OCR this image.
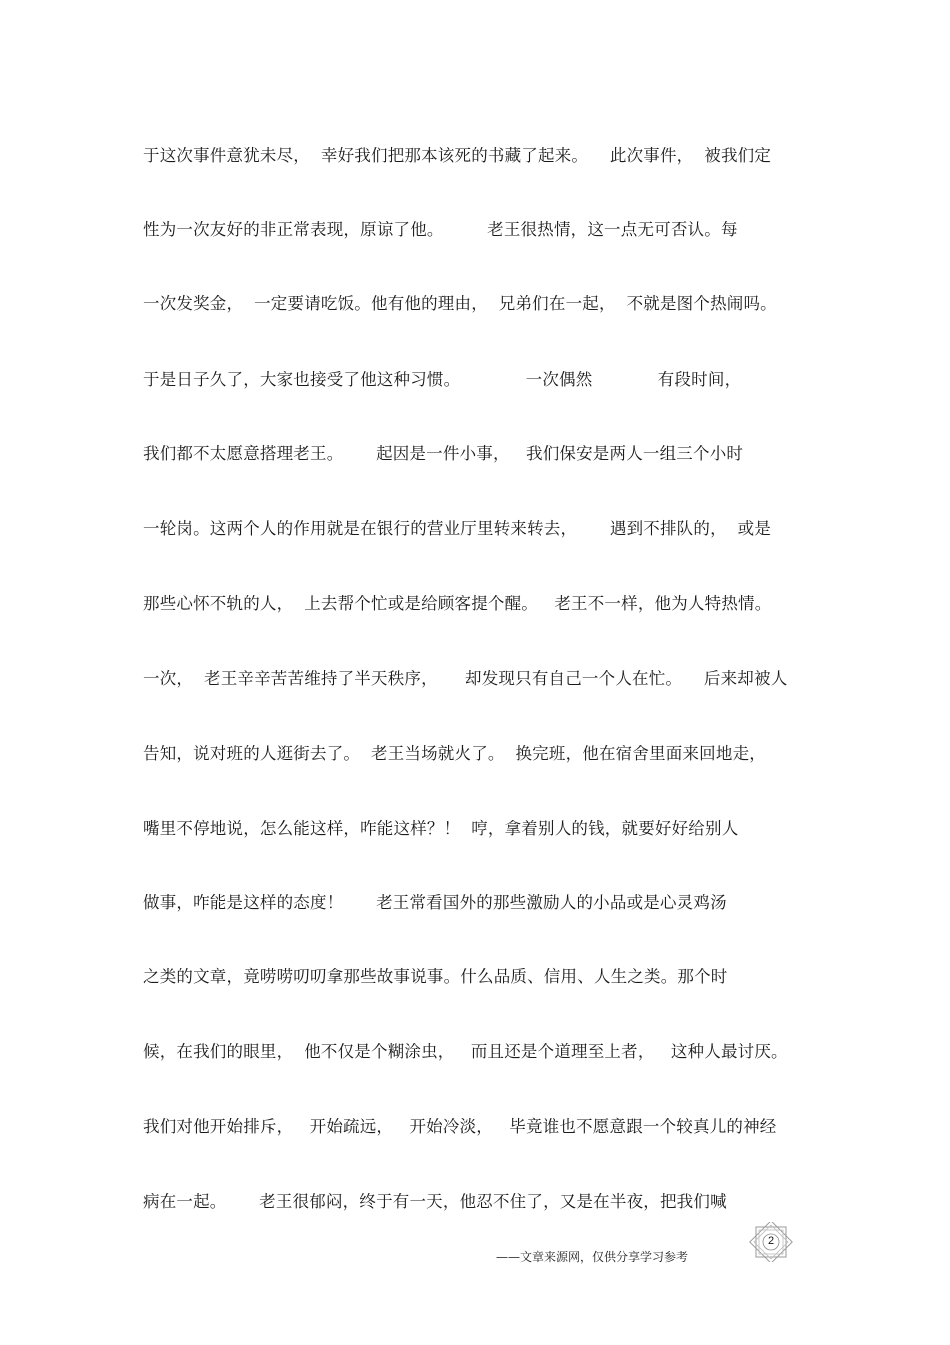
于这次事件意犹未尽，  幸好我们把那本该死的书藏了起来。    此次事件，  被我们定
性为一次友好的非正常表现，原谅了他。        老王很热情，这一点无可否认。每
一次发奖金，  一定要请吃饭。他有他的理由，  兄弟们在一起，  不就是图个热闹吗。
于是日子久了，大家也接受了他这种习惯。            一次偶然            有段时间，
我们都不太愿意搭理老王。      起因是一件小事，   我们保安是两人一组三个小时
一轮岗。这两个人的作用就是在银行的营业厅里转来转去，      遇到不排队的，  或是
那些心怀不轨的人，  上去帮个忙或是给顾客提个醒。   老王不一样，他为人特热情。
一次，  老王辛辛苦苦维持了半天秩序，     却发现只有自己一个人在忙。    后来却被人
告知，说对班的人逛街去了。  老王当场就火了。  换完班，他在宿舍里面来回地走，
嘴里不停地说，怎么能这样，咋能这样？！  哼，拿着别人的钱，就要好好给别人
做事，咋能是这样的态度！      老王常看国外的那些激励人的小品或是心灵鸡汤
之类的文章，竟唠唠叨叨拿那些故事说事。什么品质、信用、人生之类。那个时
候，在我们的眼里，  他不仅是个糊涂虫，   而且还是个道理至上者，   这种人最讨厌。
我们对他开始排斥，   开始疏远，   开始冷淡，   毕竟谁也不愿意跟一个较真儿的神经
病在一起。      老王很郁闷，终于有一天，他忍不住了，又是在半夜，把我们喊
——文章来源网，仅供分享学习参考
2
